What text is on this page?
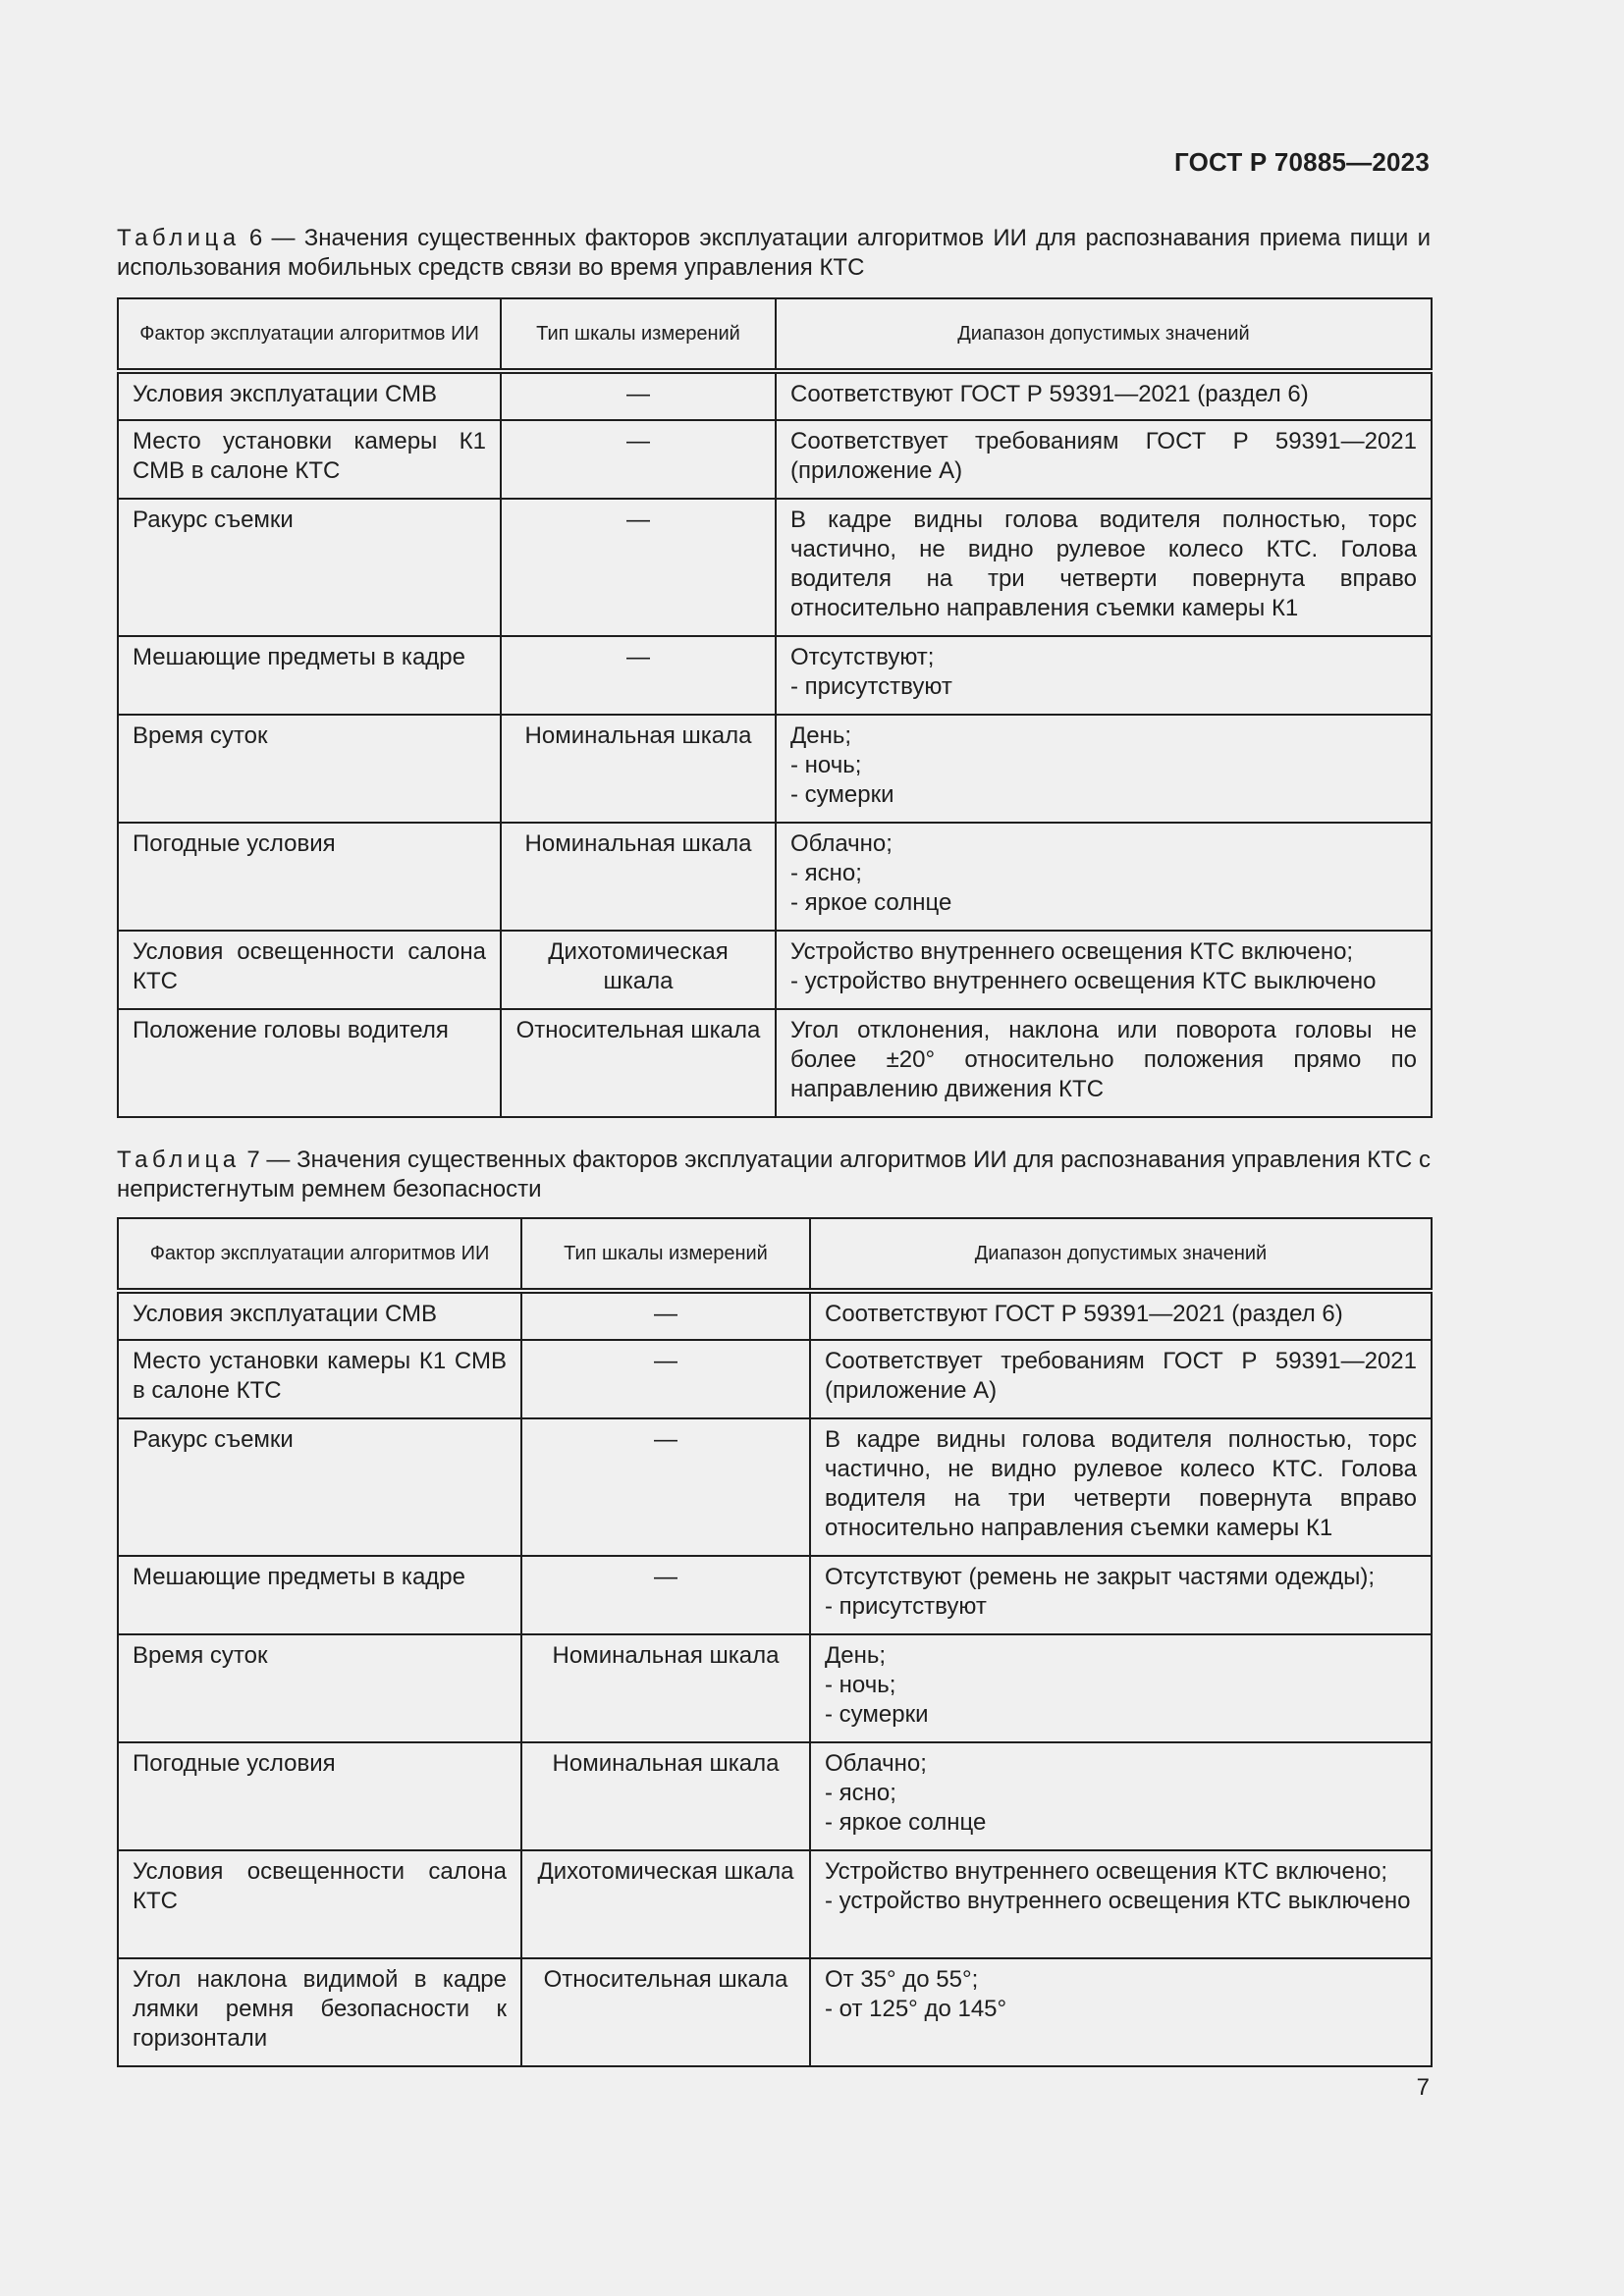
ГОСТ Р 70885—2023
Таблица 6 — Значения существенных факторов эксплуатации алгоритмов ИИ для распознавания приема пищи и использования мобильных средств связи во время управления КТС
Фактор эксплуатации алгоритмов ИИ	Тип шкалы измерений	Диапазон допустимых значений
Условия эксплуатации СМВ	—	Соответствуют ГОСТ Р 59391—2021 (раздел 6)

Место установки камеры К1 СМВ в салоне КТС	—	Соответствует требованиям ГОСТ Р 59391—2021 (приложение А)

Ракурс съемки	—	В кадре видны голова водителя полностью, торс частично, не видно рулевое колесо КТС. Голова водителя на три четверти повернута вправо относительно направления съемки камеры К1

Мешающие предметы в кадре	—	Отсутствуют;
- присутствуют

Время суток	Номинальная шкала	День;
- ночь;
- сумерки

Погодные условия	Номинальная шкала	Облачно;
- ясно;
- яркое солнце

Условия освещенности салона КТС	Дихотомическая шкала	Устройство внутреннего освещения КТС включено;
- устройство внутреннего освещения КТС выключено

Положение головы водителя	Относительная шкала	Угол отклонения, наклона или поворота головы не более ±20° относительно положения прямо по направлению движения КТС
Таблица 7 — Значения существенных факторов эксплуатации алгоритмов ИИ для распознавания управления КТС с непристегнутым ремнем безопасности
Фактор эксплуатации алгоритмов ИИ	Тип шкалы измерений	Диапазон допустимых значений
Условия эксплуатации СМВ	—	Соответствуют ГОСТ Р 59391—2021 (раздел 6)

Место установки камеры К1 СМВ в салоне КТС	—	Соответствует требованиям ГОСТ Р 59391—2021 (приложение А)

Ракурс съемки	—	В кадре видны голова водителя полностью, торс частично, не видно рулевое колесо КТС. Голова водителя на три четверти повернута вправо относительно направления съемки камеры К1

Мешающие предметы в кадре	—	Отсутствуют (ремень не закрыт частями одежды);
- присутствуют

Время суток	Номинальная шкала	День;
- ночь;
- сумерки

Погодные условия	Номинальная шкала	Облачно;
- ясно;
- яркое солнце

Условия освещенности салона КТС	Дихотомическая шкала	Устройство внутреннего освещения КТС включено;
- устройство внутреннего освещения КТС выключено

Угол наклона видимой в кадре лямки ремня безопасности к горизонтали	Относительная шкала	От 35° до 55°;
- от 125° до 145°
7
